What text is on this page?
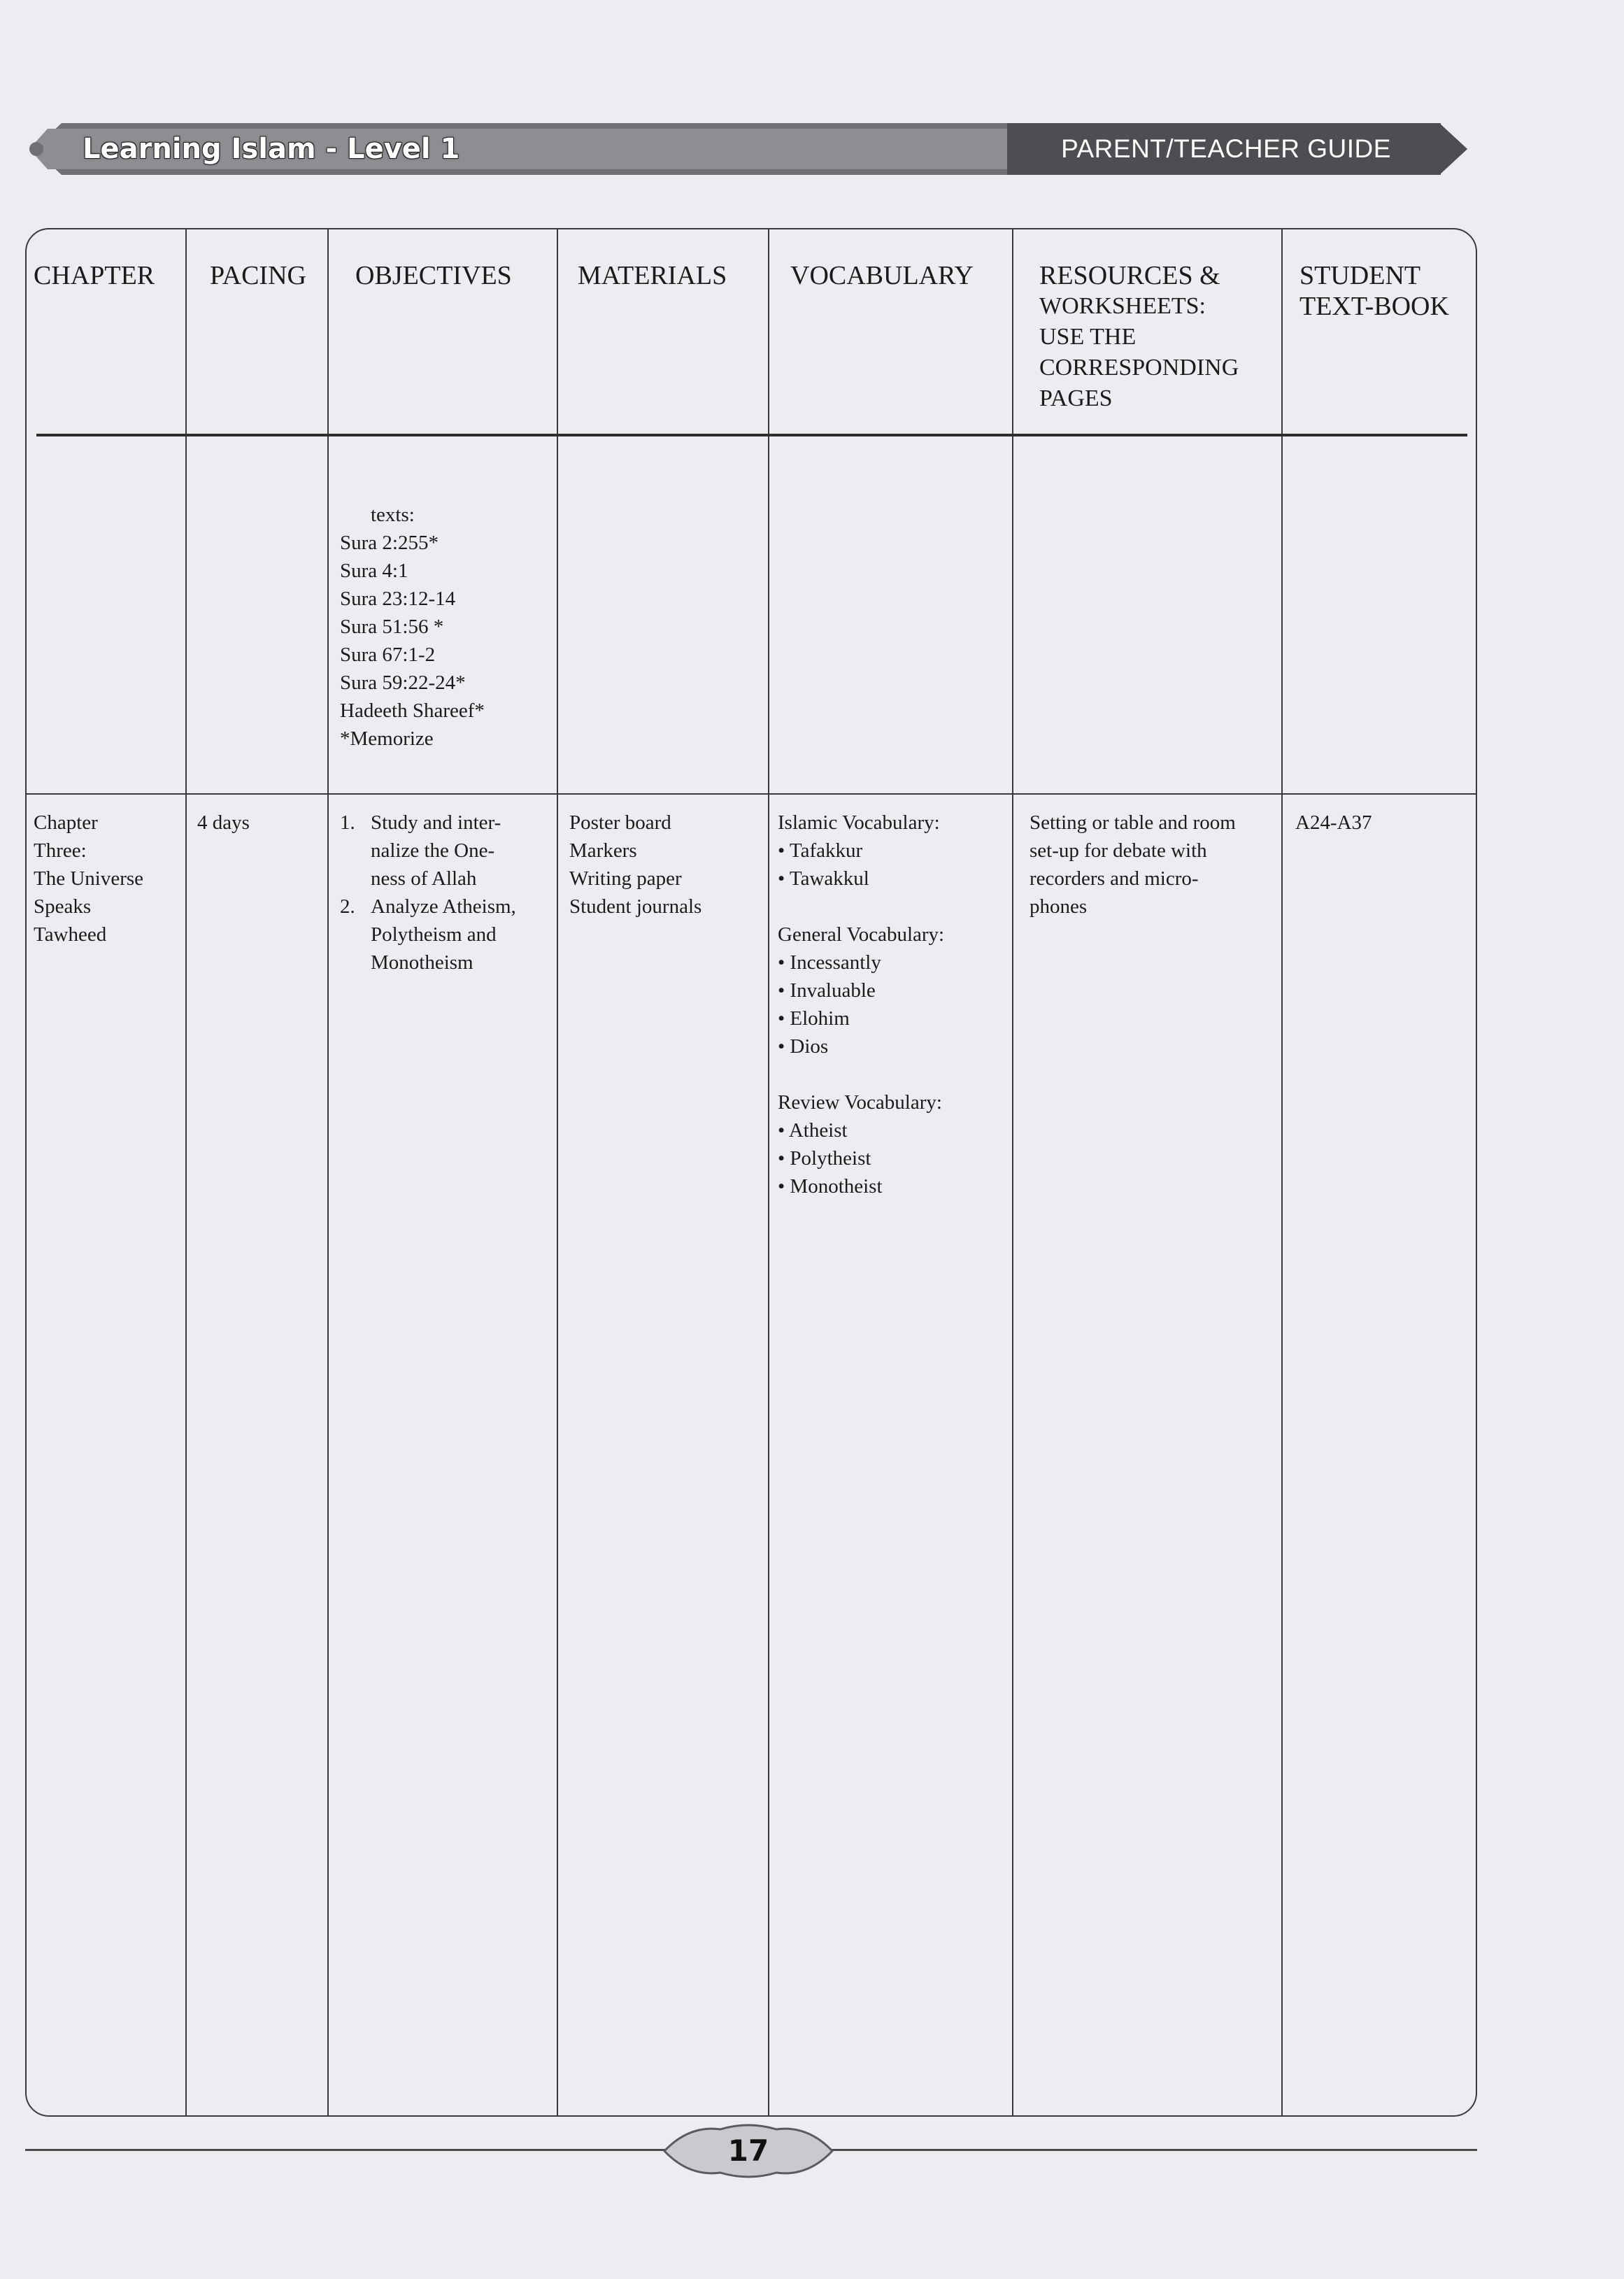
Learning Islam - Level 1	PARENT/TEACHER GUIDE
CHAPTER PACING OBJECTIVES MATERIALS VOCABULARY RESOURCES &
WORKSHEETS:
USE THE
CORRESPONDING
PAGES
STUDENT
TEXT-BOOK
texts:
Sura 2:255*
Sura 4:1
Sura 23:12-14
Sura 51:56 *
Sura 67:1-2
Sura 59:22-24*
Hadeeth Shareef*
*Memorize
Chapter
Three:
The Universe
Speaks
Tawheed
4 days	1. Study and inter-
nalize the One-
ness of Allah
2. Analyze Atheism,
Polytheism and
Monotheism
Poster board
Markers
Writing paper
Student journals
Islamic Vocabulary:
• Tafakkur
• Tawakkul
General Vocabulary:
• Incessantly
• Invaluable
• Elohim
• Dios
Review Vocabulary:
• Atheist
• Polytheist
• Monotheist
Setting or table and room
set-up for debate with
recorders and micro-
phones
A24-A37
17
